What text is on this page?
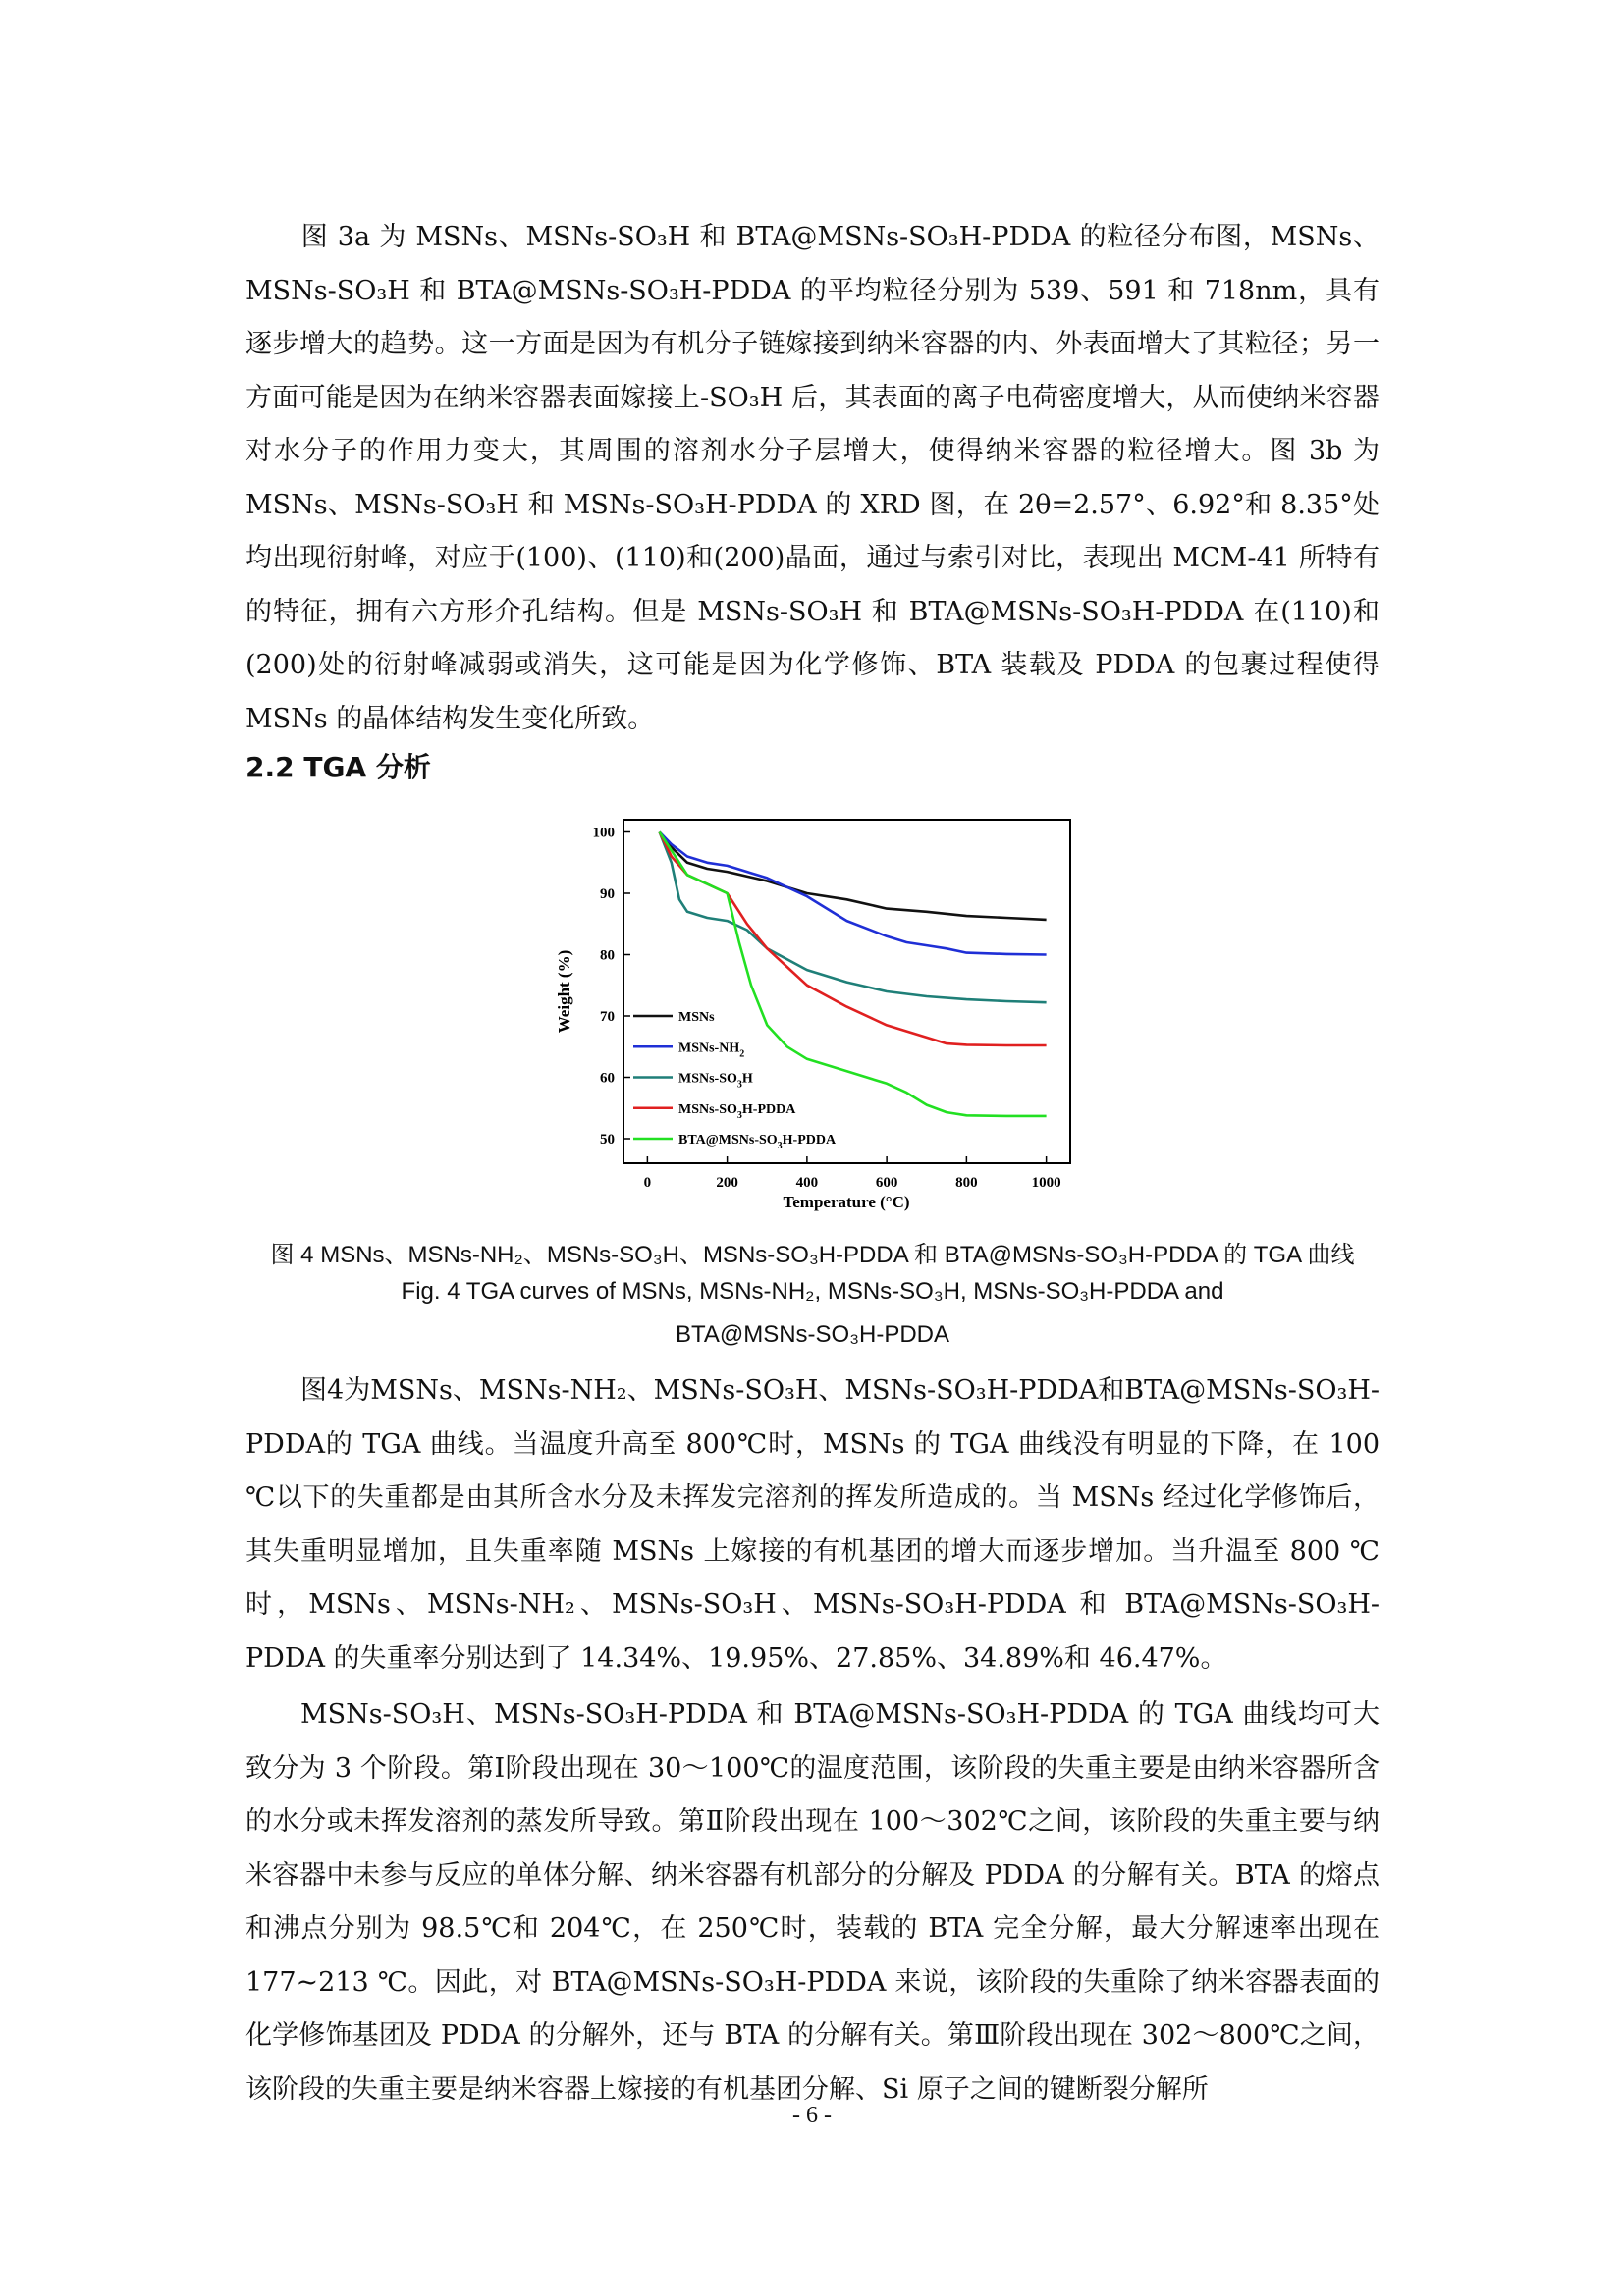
图 3a 为 MSNs、MSNs-SO₃H 和 BTA@MSNs-SO₃H-PDDA 的粒径分布图，MSNs、MSNs-SO₃H 和 BTA@MSNs-SO₃H-PDDA 的平均粒径分别为 539、591 和 718nm，具有逐步增大的趋势。这一方面是因为有机分子链嫁接到纳米容器的内、外表面增大了其粒径；另一方面可能是因为在纳米容器表面嫁接上-SO₃H 后，其表面的离子电荷密度增大，从而使纳米容器对水分子的作用力变大，其周围的溶剂水分子层增大，使得纳米容器的粒径增大。图 3b 为 MSNs、MSNs-SO₃H 和 MSNs-SO₃H-PDDA 的 XRD 图，在 2θ=2.57°、6.92°和 8.35°处均出现衍射峰，对应于(100)、(110)和(200)晶面，通过与索引对比，表现出 MCM-41 所特有的特征，拥有六方形介孔结构。但是 MSNs-SO₃H 和 BTA@MSNs-SO₃H-PDDA 在(110)和(200)处的衍射峰减弱或消失，这可能是因为化学修饰、BTA 装载及 PDDA 的包裹过程使得 MSNs 的晶体结构发生变化所致。

2.2 TGA 分析

0	200	400	600	800	1000
50
60
70
80
90
100
MSNs
MSNs-$NH_2$
MSNs-$SO_3H$
MSNs-$SO_3H$-PDDA
$BTA@MSNs-SO_3H$-PDDA
Temperature (°C)
Weight (%)

图 4 MSNs、MSNs-NH₂、MSNs-SO₃H、MSNs-SO₃H-PDDA 和 BTA@MSNs-SO₃H-PDDA 的 TGA 曲线

Fig. 4 TGA curves of MSNs, MSNs-NH₂, MSNs-SO₃H, MSNs-SO₃H-PDDA and

BTA@MSNs-SO₃H-PDDA

图4为MSNs、MSNs-NH₂、MSNs-SO₃H、MSNs-SO₃H-PDDA和BTA@MSNs-SO₃H-PDDA的 TGA 曲线。当温度升高至 800℃时，MSNs 的 TGA 曲线没有明显的下降，在 100 ℃以下的失重都是由其所含水分及未挥发完溶剂的挥发所造成的。当 MSNs 经过化学修饰后，其失重明显增加，且失重率随 MSNs 上嫁接的有机基团的增大而逐步增加。当升温至 800 ℃时，MSNs、MSNs-NH₂、MSNs-SO₃H、MSNs-SO₃H-PDDA 和 BTA@MSNs-SO₃H-PDDA 的失重率分别达到了 14.34%、19.95%、27.85%、34.89%和 46.47%。

MSNs-SO₃H、MSNs-SO₃H-PDDA 和 BTA@MSNs-SO₃H-PDDA 的 TGA 曲线均可大致分为 3 个阶段。第Ⅰ阶段出现在 30～100℃的温度范围，该阶段的失重主要是由纳米容器所含的水分或未挥发溶剂的蒸发所导致。第Ⅱ阶段出现在 100～302℃之间，该阶段的失重主要与纳米容器中未参与反应的单体分解、纳米容器有机部分的分解及 PDDA 的分解有关。BTA 的熔点和沸点分别为 98.5℃和 204℃，在 250℃时，装载的 BTA 完全分解，最大分解速率出现在 177~213 ℃。因此，对 BTA@MSNs-SO₃H-PDDA 来说，该阶段的失重除了纳米容器表面的化学修饰基团及 PDDA 的分解外，还与 BTA 的分解有关。第Ⅲ阶段出现在 302～800℃之间，该阶段的失重主要是纳米容器上嫁接的有机基团分解、Si 原子之间的键断裂分解所

- 6 -
